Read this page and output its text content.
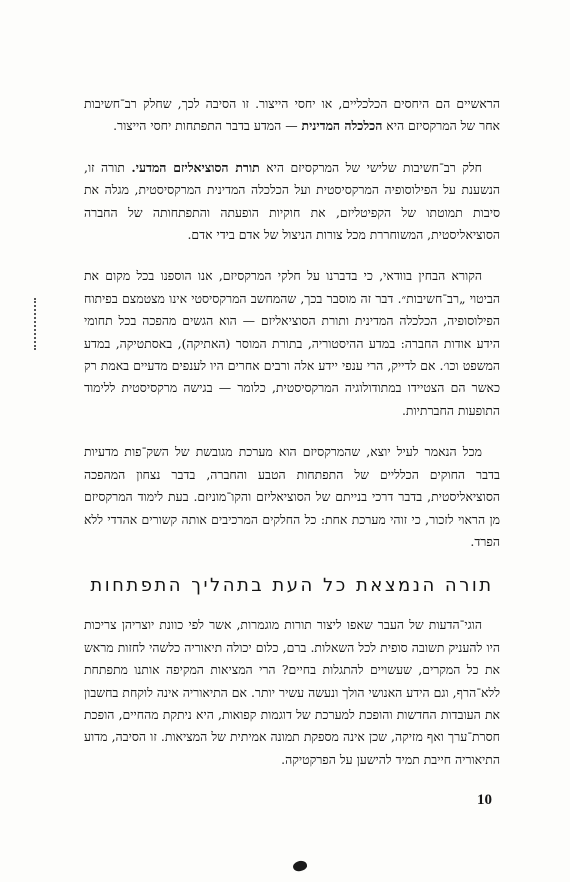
הראשיים הם היחסים הכלכליים, או יחסי הייצור. זו הסיבה לכך, שחלק רב־חשיבות אחר של המרקסיזם היא הכלכלה המדינית — המדע בדבר התפתחות יחסי הייצור.

חלק רב־חשיבות שלישי של המרקסיזם היא תורת הסוציאליזם המדעי. תורה זו, הנשענת על הפילוסופיה המרקסיסטית ועל הכלכלה המדינית המרקסיסטית, מגלה את סיבות תמוטתו של הקפיטליזם, את חוקיות הופעתה והתפתחותה של החברה הסוציאליסטית, המשוחררת מכל צורות הניצול של אדם בידי אדם.

הקורא הבחין בוודאי, כי בדברנו על חלקי המרקסיזם, אנו הוספנו בכל מקום את הביטוי „רב־חשיבות״. דבר זה מוסבר בכך, שהמחשב המרקסיסטי אינו מצטמצם בפיתוח הפילוסופיה, הכלכלה המדינית ותורת הסוציאליזם — הוא הגשים מהפכה בכל תחומי הידע אודות החברה: במדע ההיסטוריה, בתורת המוסר (האתיקה), באסתטיקה, במדע המשפט וכו׳. אם לדייק, הרי ענפי יידע אלה ורבים אחרים היו לענפים מדעיים באמת רק כאשר הם הצטיידו במתודולוגיה המרקסיסטית, כלומר — בגישה מרקסיסטית ללימוד התופעות החברתיות.

מכל הנאמר לעיל יוצא, שהמרקסיזם הוא מערכת מגובשת של השק־פות מדעיות בדבר החוקים הכלליים של התפתחות הטבע והחברה, בדבר נצחון המהפכה הסוציאליסטית, בדבר דרכי בנייתם של הסוציאליזם והקו־מוניזם. בעת לימוד המרקסיזם מן הראוי לזכור, כי זוהי מערכת אחת: כל החלקים המרכיבים אותה קשורים אהדדי ללא הפרד.

תורה הנמצאת כל העת בתהליך התפתחות

הוגי־הדעות של העבר שאפו ליצור תורות מוגמרות, אשר לפי כוונת יוצריהן צריכות היו להעניק תשובה סופית לכל השאלות. ברם, כלום יכולה תיאוריה כלשהי לחזות מראש את כל המקרים, שעשויים להתגלות בחיים? הרי המציאות המקיפה אותנו מתפתחת ללא־הרף, וגם הידע האנושי הולך ונעשה עשיר יותר. אם התיאוריה אינה לוקחת בחשבון את העובדות החדשות והופכת למערכת של דוגמות קפואות, היא ניתקת מהחיים, הופכת חסרת־ערך ואף מזיקה, שכן אינה מספקת תמונה אמיתית של המציאות. זו הסיבה, מדוע התיאוריה חייבת תמיד להישען על הפרקטיקה.

10
